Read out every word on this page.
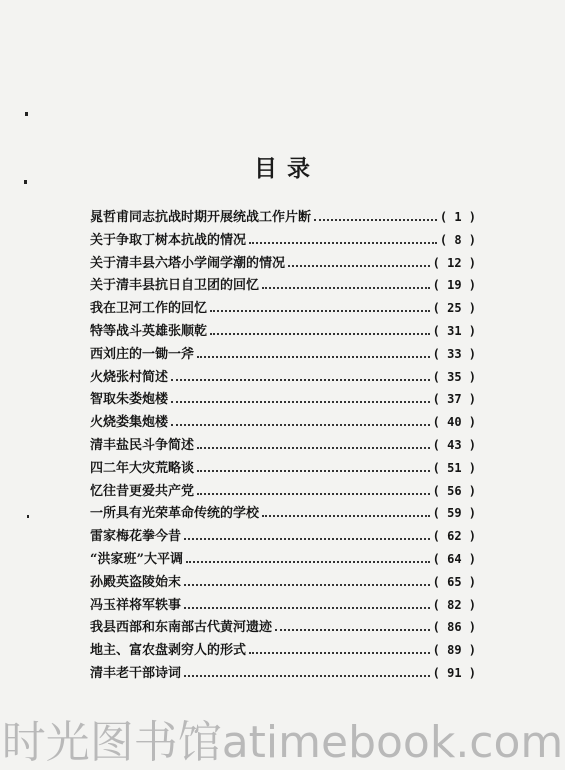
目 录
晁哲甫同志抗战时期开展统战工作片断	( 1 )
关于争取丁树本抗战的情况	( 8 )
关于清丰县六塔小学闹学潮的情况	( 12 )
关于清丰县抗日自卫团的回忆	( 19 )
我在卫河工作的回忆	( 25 )
特等战斗英雄张顺乾	( 31 )
西刘庄的一锄一斧	( 33 )
火烧张村简述	( 35 )
智取朱娄炮楼	( 37 )
火烧娄集炮楼	( 40 )
清丰盐民斗争简述	( 43 )
四二年大灾荒略谈	( 51 )
忆往昔更爱共产党	( 56 )
一所具有光荣革命传统的学校	( 59 )
雷家梅花拳今昔	( 62 )
“洪家班”大平调	( 64 )
孙殿英盗陵始末	( 65 )
冯玉祥将军轶事	( 82 )
我县西部和东南部古代黄河遗迹	( 86 )
地主、富农盘剥穷人的形式	( 89 )
清丰老干部诗词	( 91 )
时光图书馆atimebook.com
